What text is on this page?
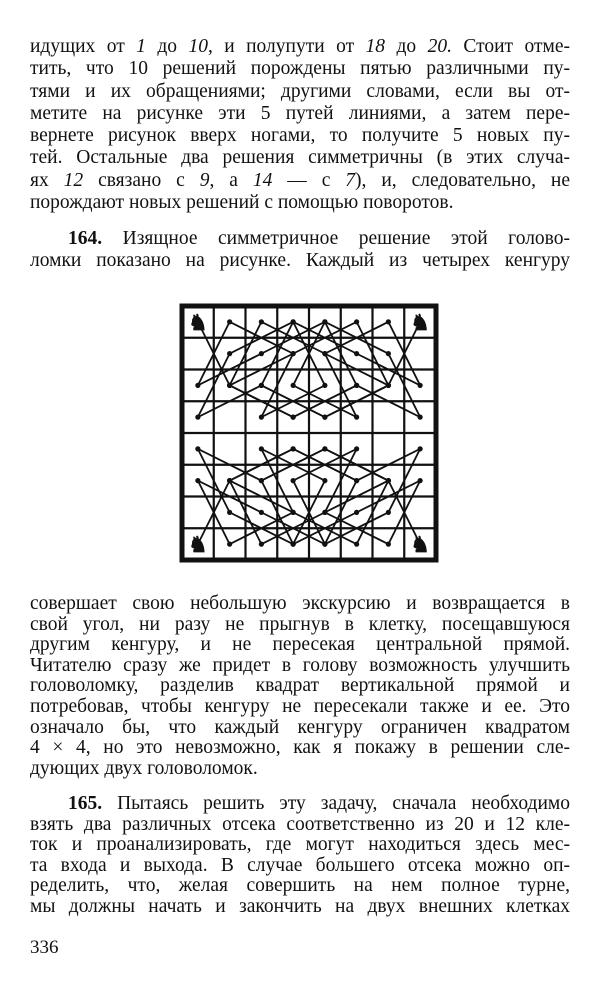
идущих от 1 до 10, и полупути от 18 до 20. Стоит отме-
тить, что 10 решений порождены пятью различными пу-
тями и их обращениями; другими словами, если вы от-
метите на рисунке эти 5 путей линиями, а затем пере-
вернете рисунок вверх ногами, то получите 5 новых пу-
тей. Остальные два решения симметричны (в этих случа-
ях 12 связано с 9, а 14 — с 7), и, следовательно, не
порождают новых решений с помощью поворотов.
164. Изящное симметричное решение этой голово-
ломки показано на рисунке. Каждый из четырех кенгуру
♞	♞
♞	♞
совершает свою небольшую экскурсию и возвращается в
свой угол, ни разу не прыгнув в клетку, посещавшуюся
другим кенгуру, и не пересекая центральной прямой.
Читателю сразу же придет в голову возможность улучшить
головоломку, разделив квадрат вертикальной прямой и
потребовав, чтобы кенгуру не пересекали также и ее. Это
означало бы, что каждый кенгуру ограничен квадратом
4 × 4, но это невозможно, как я покажу в решении сле-
дующих двух головоломок.
165. Пытаясь решить эту задачу, сначала необходимо
взять два различных отсека соответственно из 20 и 12 кле-
ток и проанализировать, где могут находиться здесь мес-
та входа и выхода. В случае большего отсека можно оп-
ределить, что, желая совершить на нем полное турне,
мы должны начать и закончить на двух внешних клетках
336
